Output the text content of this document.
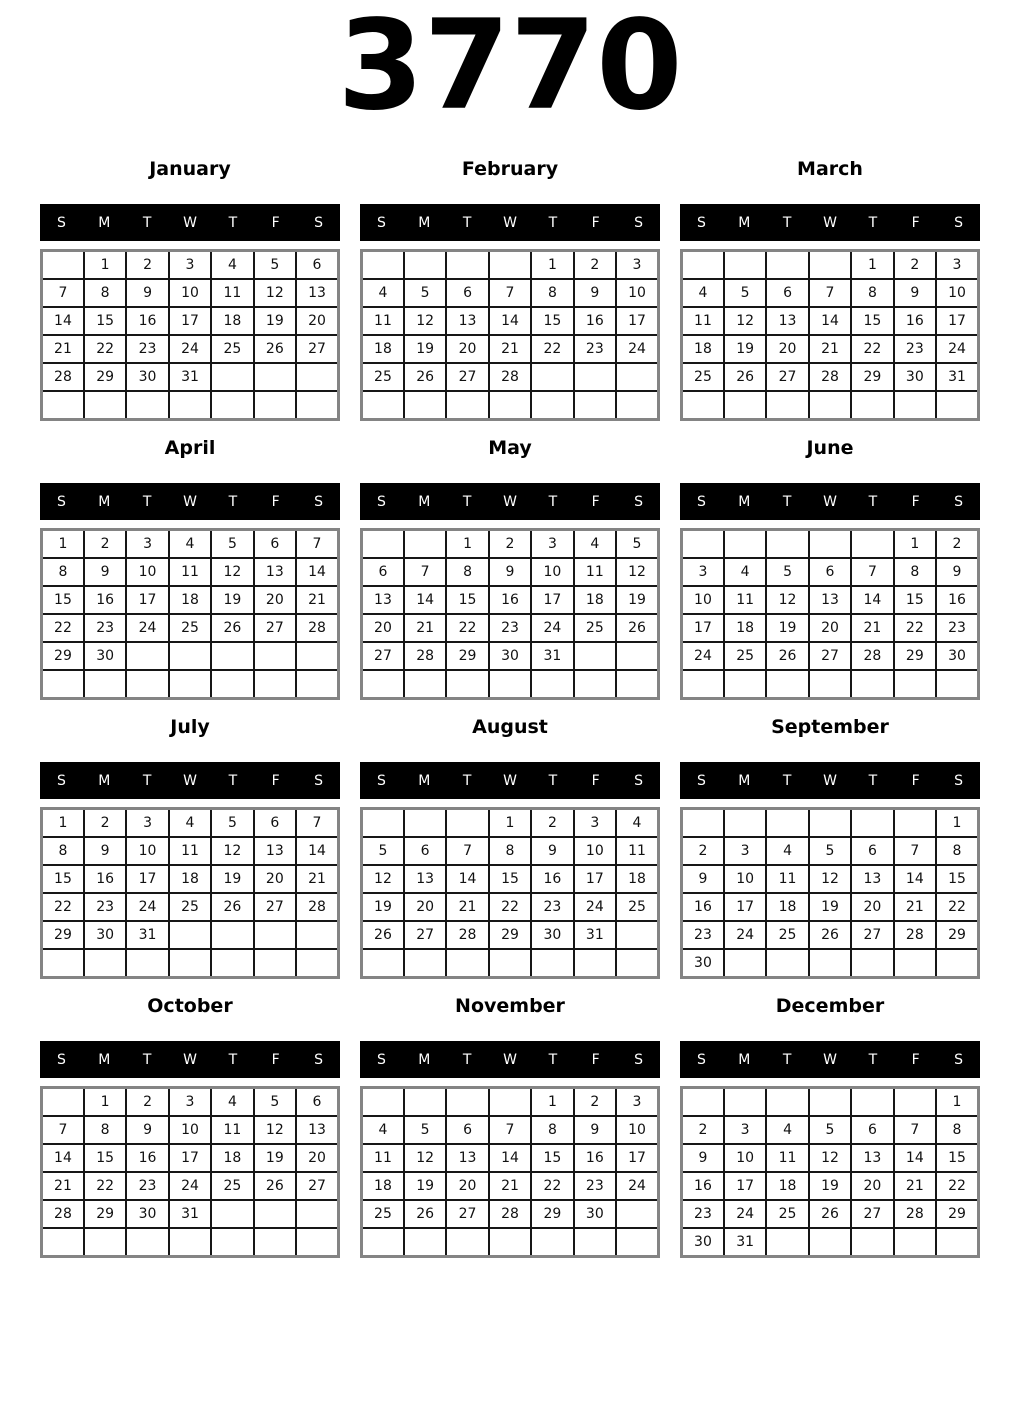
3770
January
S	M	T	W	T	F	S
	1	2	3	4	5	6
7	8	9	10	11	12	13
14	15	16	17	18	19	20
21	22	23	24	25	26	27
28	29	30	31			

February
S	M	T	W	T	F	S
				1	2	3
4	5	6	7	8	9	10
11	12	13	14	15	16	17
18	19	20	21	22	23	24
25	26	27	28			

March
S	M	T	W	T	F	S
				1	2	3
4	5	6	7	8	9	10
11	12	13	14	15	16	17
18	19	20	21	22	23	24
25	26	27	28	29	30	31

April
S	M	T	W	T	F	S
1	2	3	4	5	6	7
8	9	10	11	12	13	14
15	16	17	18	19	20	21
22	23	24	25	26	27	28
29	30					

May
S	M	T	W	T	F	S
		1	2	3	4	5
6	7	8	9	10	11	12
13	14	15	16	17	18	19
20	21	22	23	24	25	26
27	28	29	30	31		

June
S	M	T	W	T	F	S
					1	2
3	4	5	6	7	8	9
10	11	12	13	14	15	16
17	18	19	20	21	22	23
24	25	26	27	28	29	30

July
S	M	T	W	T	F	S
1	2	3	4	5	6	7
8	9	10	11	12	13	14
15	16	17	18	19	20	21
22	23	24	25	26	27	28
29	30	31				

August
S	M	T	W	T	F	S
			1	2	3	4
5	6	7	8	9	10	11
12	13	14	15	16	17	18
19	20	21	22	23	24	25
26	27	28	29	30	31	

September
S	M	T	W	T	F	S
						1
2	3	4	5	6	7	8
9	10	11	12	13	14	15
16	17	18	19	20	21	22
23	24	25	26	27	28	29
30						
October
S	M	T	W	T	F	S
	1	2	3	4	5	6
7	8	9	10	11	12	13
14	15	16	17	18	19	20
21	22	23	24	25	26	27
28	29	30	31			

November
S	M	T	W	T	F	S
				1	2	3
4	5	6	7	8	9	10
11	12	13	14	15	16	17
18	19	20	21	22	23	24
25	26	27	28	29	30	

December
S	M	T	W	T	F	S
						1
2	3	4	5	6	7	8
9	10	11	12	13	14	15
16	17	18	19	20	21	22
23	24	25	26	27	28	29
30	31					
